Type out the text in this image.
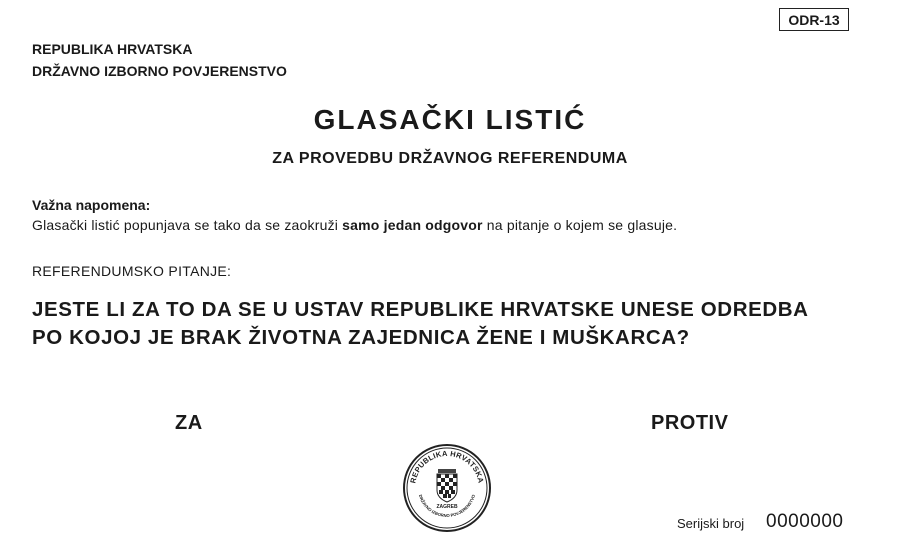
ODR-13
REPUBLIKA HRVATSKA
DRŽAVNO IZBORNO POVJERENSTVO
GLASAČKI LISTIĆ
ZA PROVEDBU DRŽAVNOG REFERENDUMA
Važna napomena:
Glasački listić popunjava se tako da se zaokruži samo jedan odgovor na pitanje o kojem se glasuje.
REFERENDUMSKO PITANJE:
JESTE LI ZA TO DA SE U USTAV REPUBLIKE HRVATSKE UNESE ODREDBA
PO KOJOJ JE BRAK ŽIVOTNA ZAJEDNICA ŽENE I MUŠKARCA?
ZA	PROTIV
REPUBLIKA HRVATSKA
DRŽAVNO IZBORNO POVJERENSTVO
ZAGREB
Serijski broj 0000000
